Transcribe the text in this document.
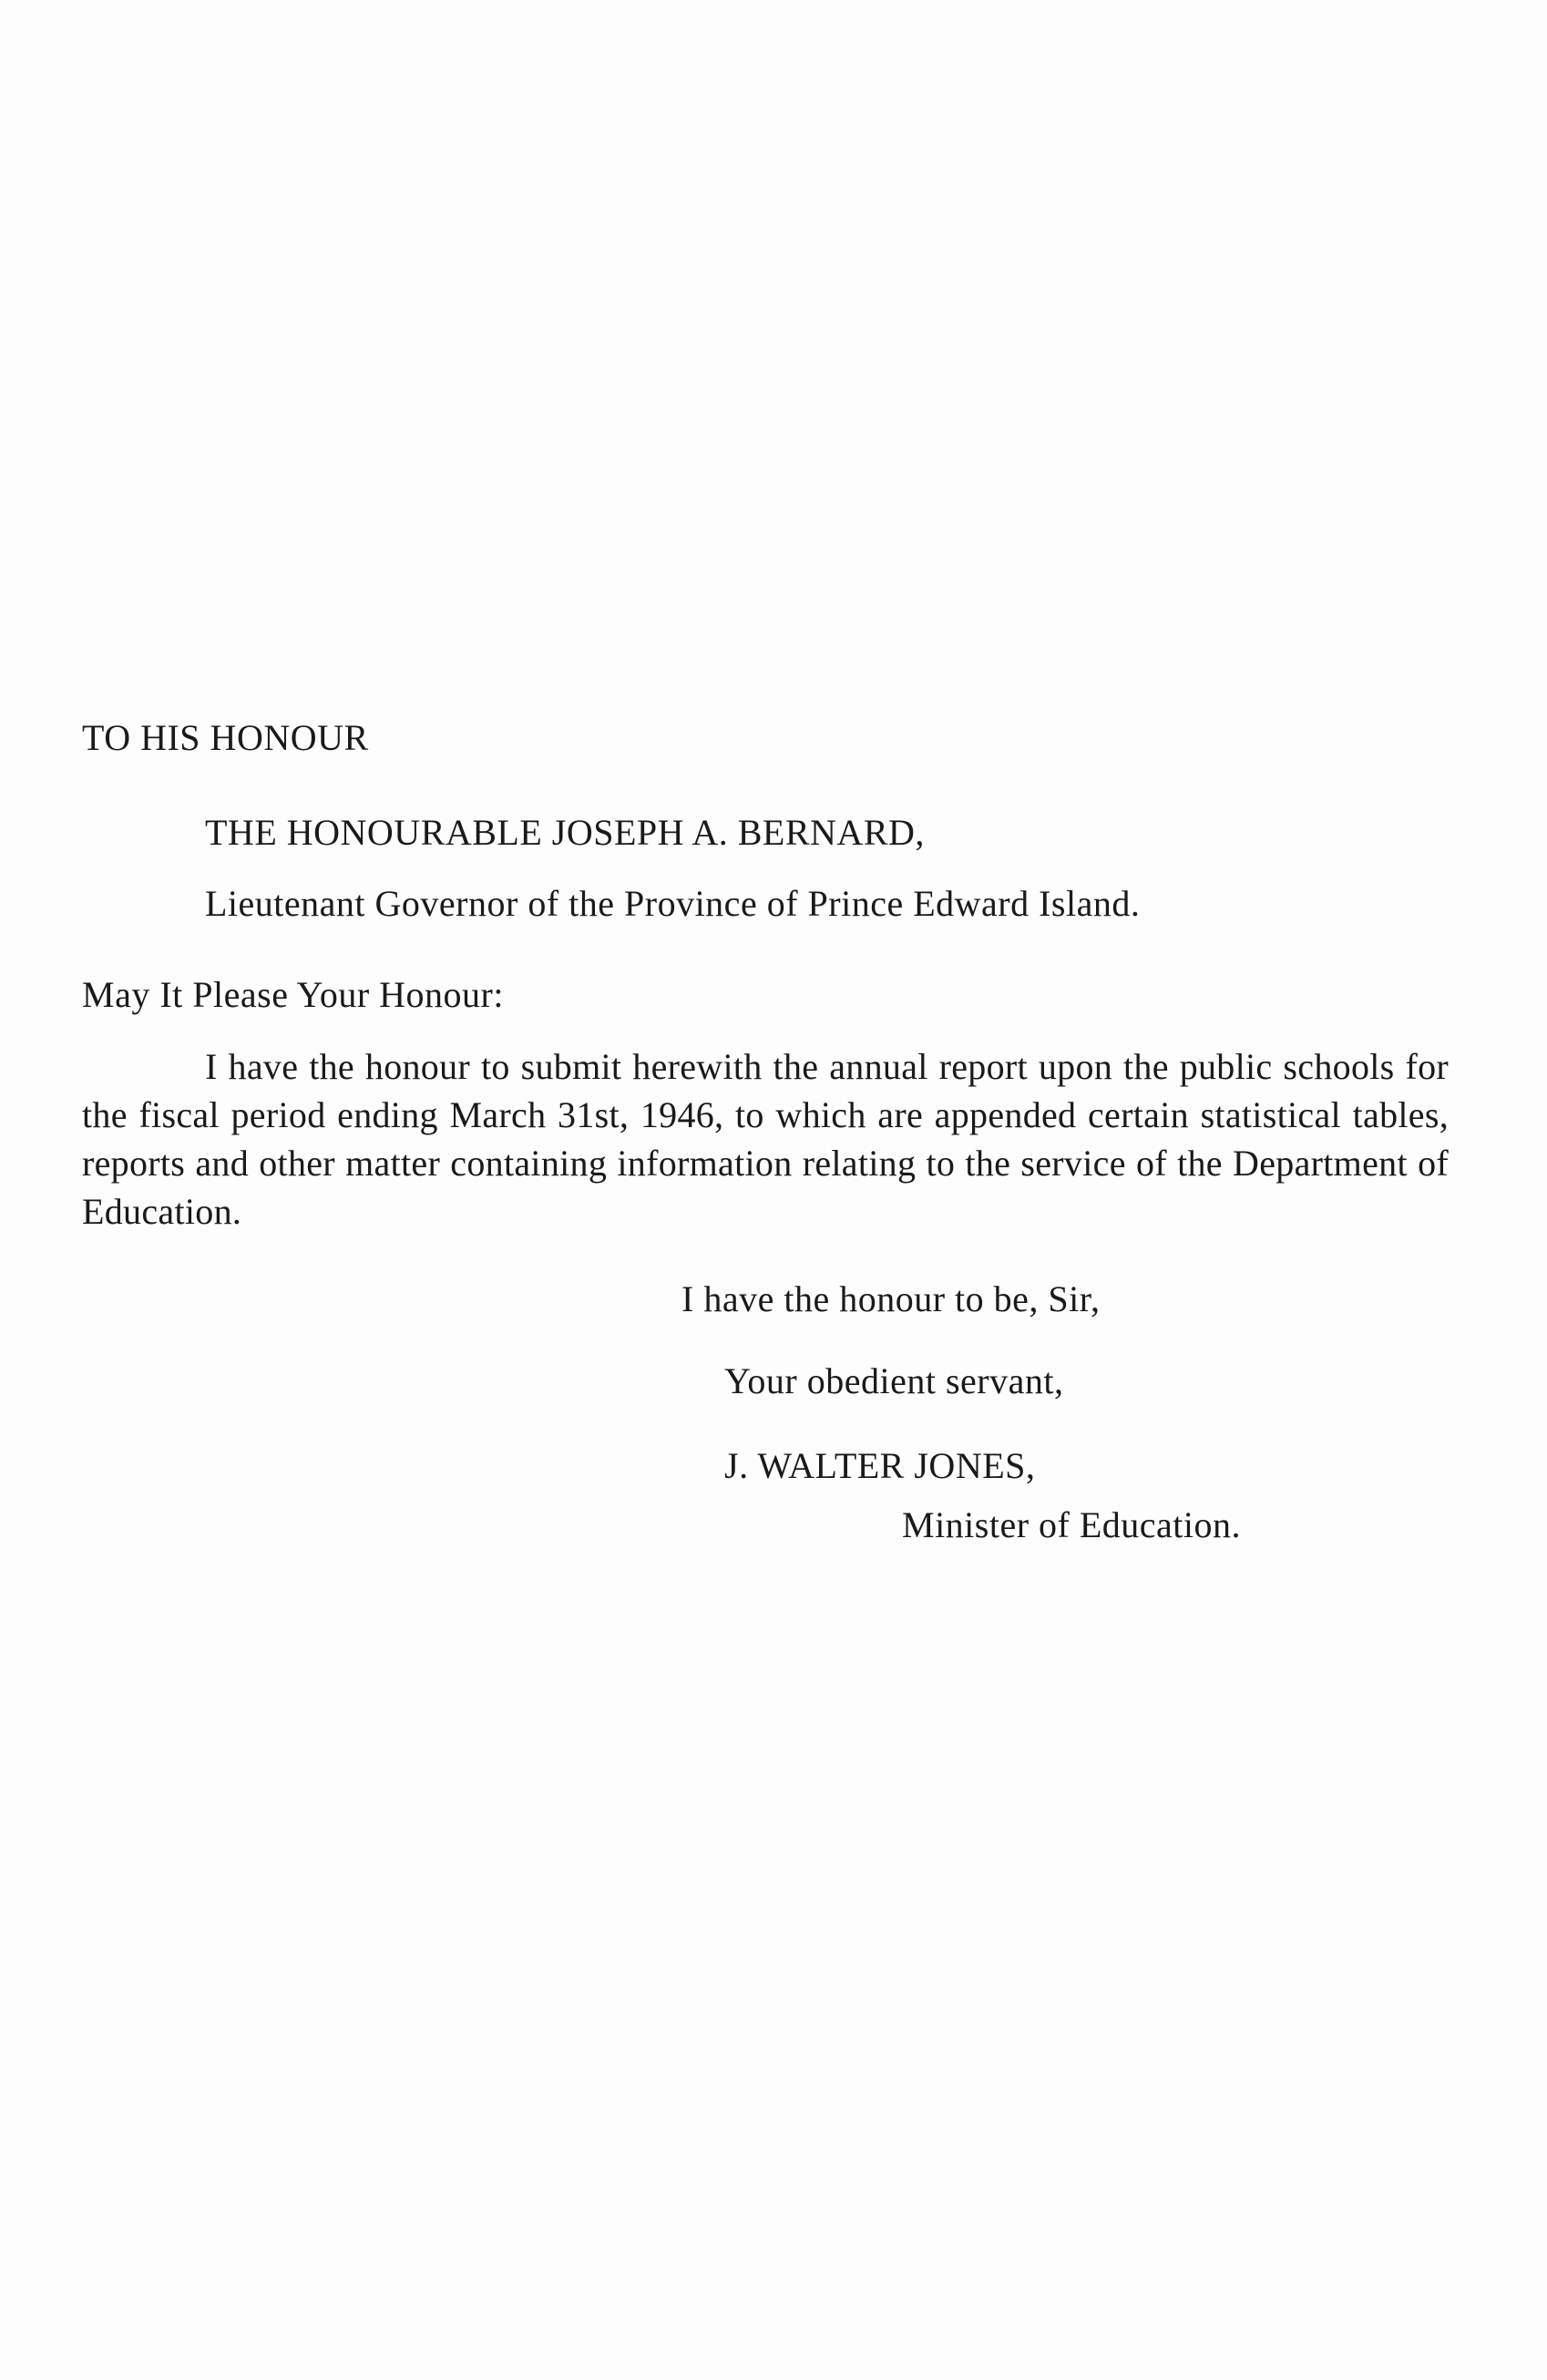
TO HIS HONOUR
THE HONOURABLE JOSEPH A. BERNARD,
Lieutenant Governor of the Province of Prince Edward Island.
May It Please Your Honour:
I have the honour to submit herewith the annual report upon the public schools for the fiscal period ending March 31st, 1946, to which are appended certain statistical tables, reports and other matter containing information relating to the service of the Department of Education.
I have the honour to be, Sir,
Your obedient servant,
J. WALTER JONES,
Minister of Education.
